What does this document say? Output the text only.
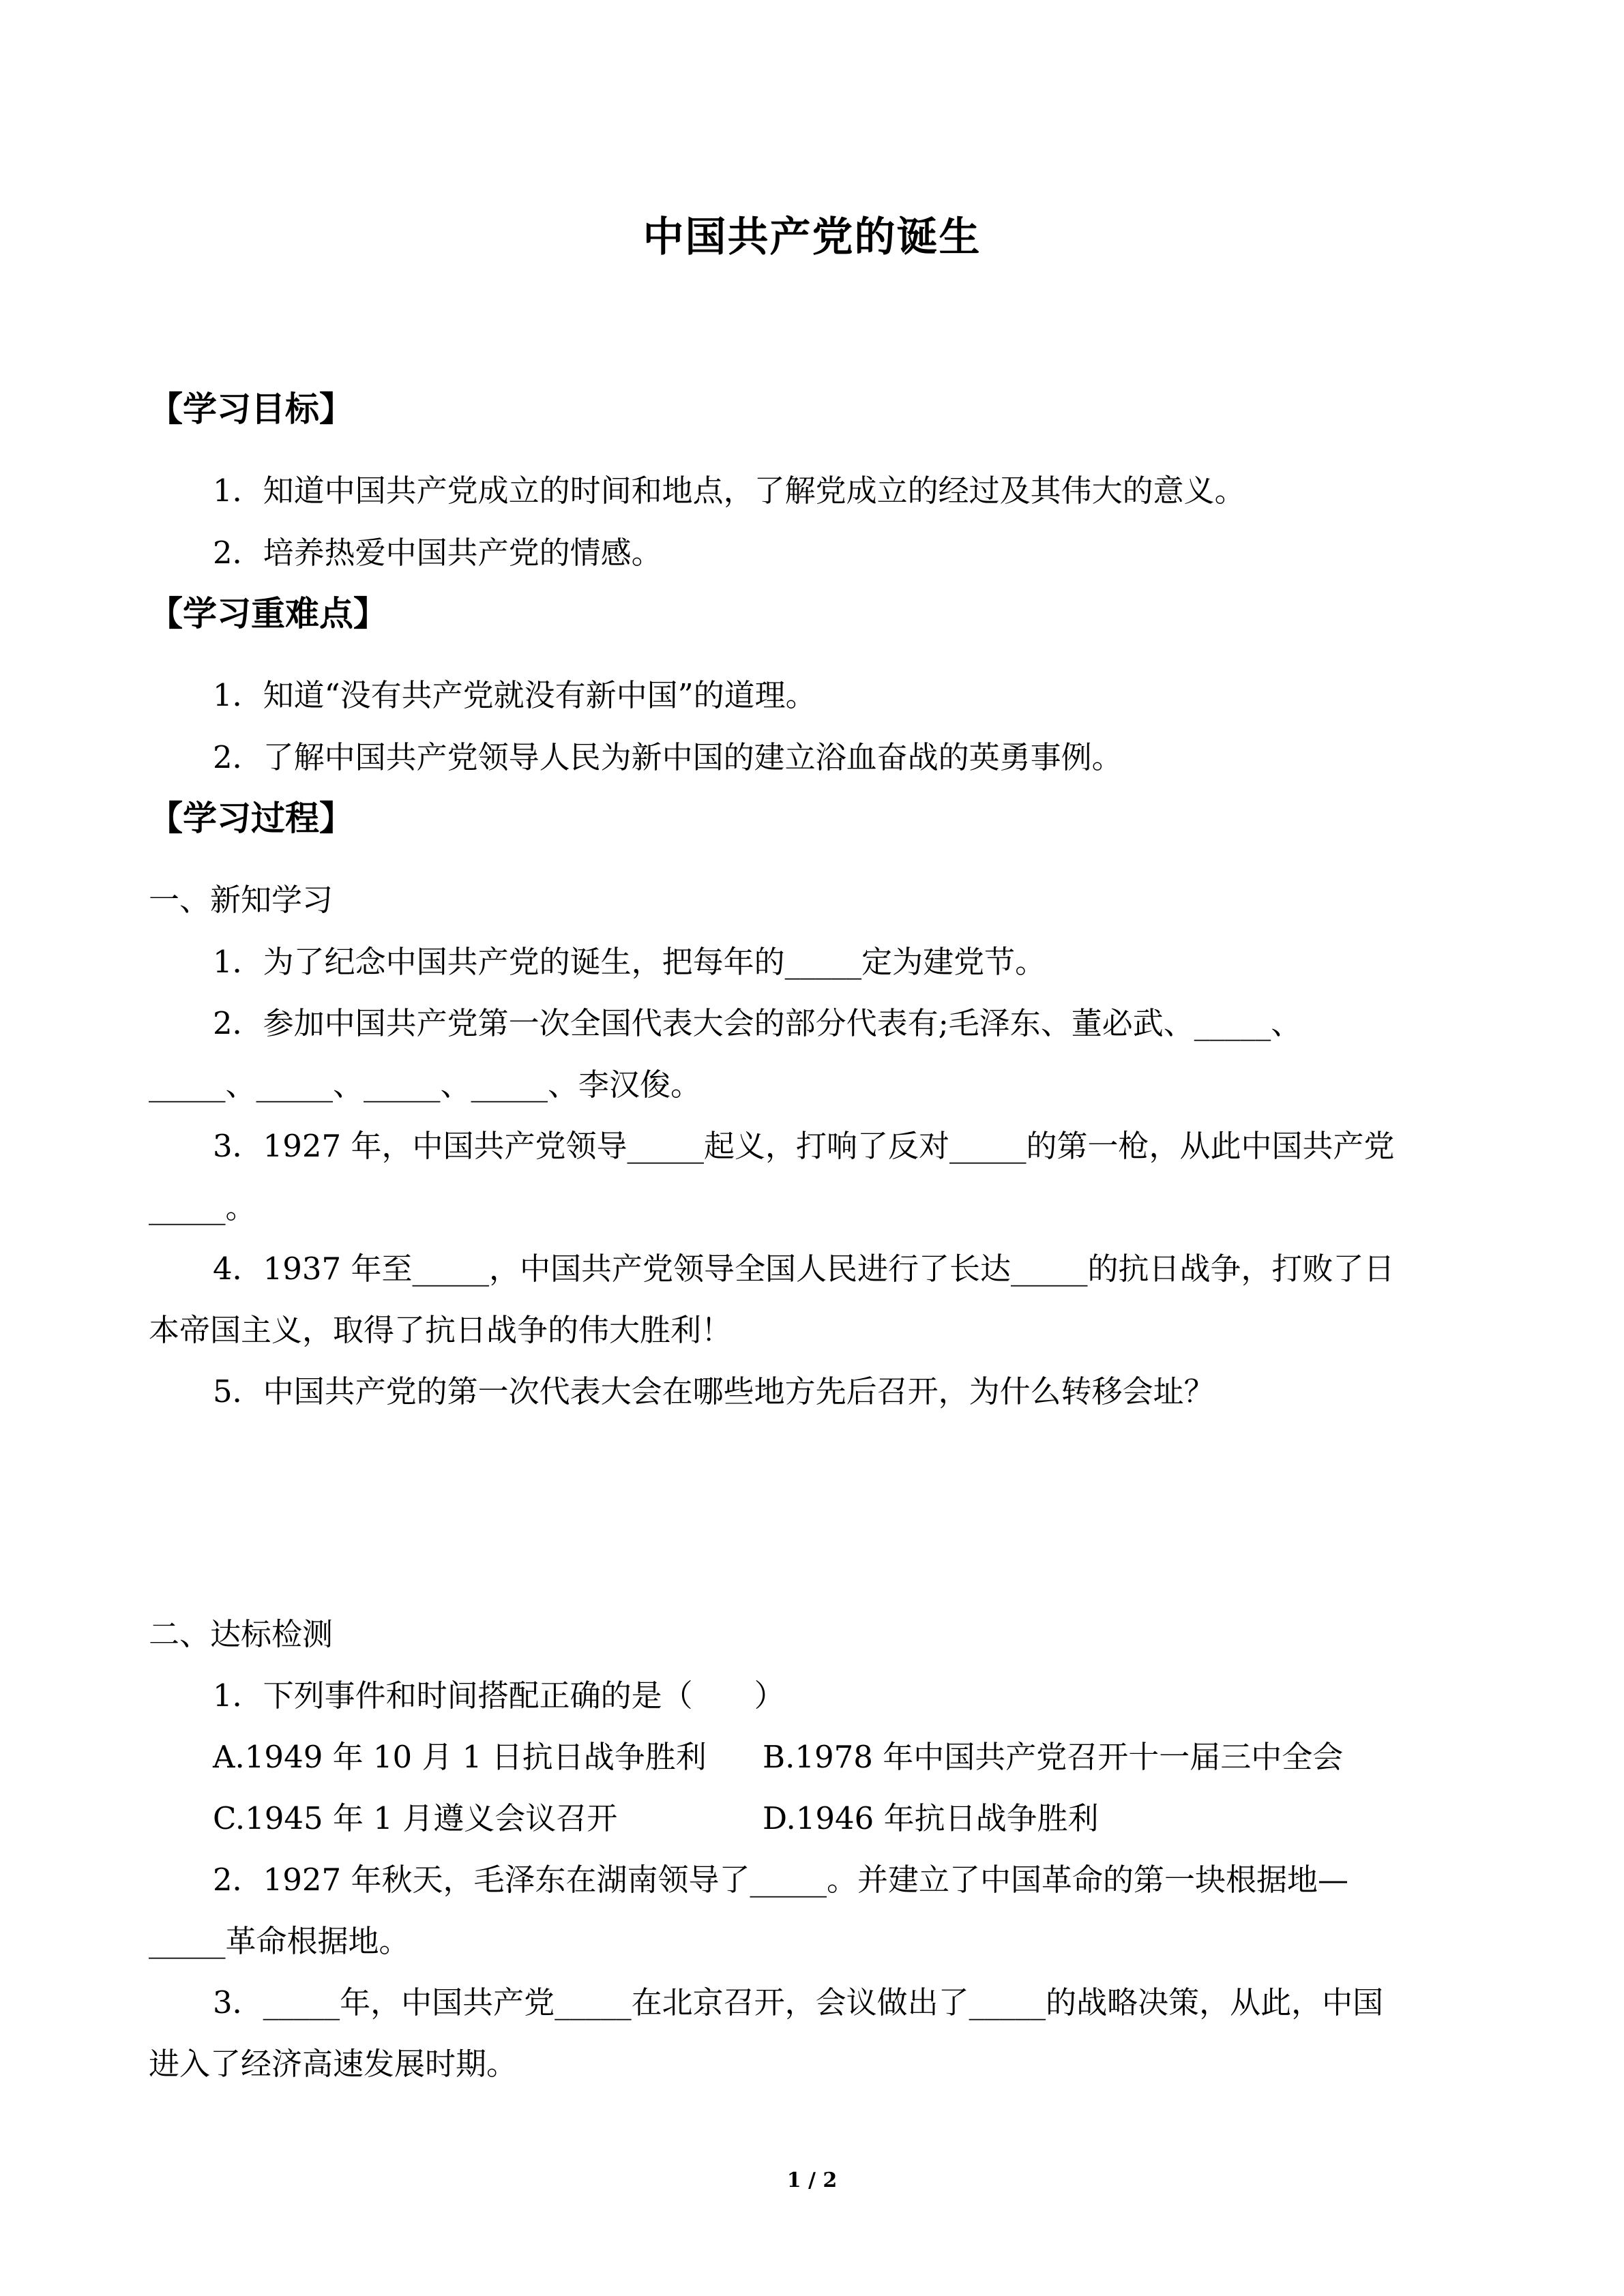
中国共产党的诞生
【学习目标】
1．知道中国共产党成立的时间和地点，了解党成立的经过及其伟大的意义。
2．培养热爱中国共产党的情感。
【学习重难点】
1．知道“没有共产党就没有新中国”的道理。
2．了解中国共产党领导人民为新中国的建立浴血奋战的英勇事例。
【学习过程】
一、新知学习
1．为了纪念中国共产党的诞生，把每年的_____定为建党节。
2．参加中国共产党第一次全国代表大会的部分代表有;毛泽东、董必武、_____、
_____、_____、_____、_____、李汉俊。
3．1927 年，中国共产党领导_____起义，打响了反对_____的第一枪，从此中国共产党
_____。
4．1937 年至_____，中国共产党领导全国人民进行了长达_____的抗日战争，打败了日
本帝国主义，取得了抗日战争的伟大胜利！
5．中国共产党的第一次代表大会在哪些地方先后召开，为什么转移会址？
二、达标检测
1．下列事件和时间搭配正确的是（　　）
A.1949 年 10 月 1 日抗日战争胜利 B.1978 年中国共产党召开十一届三中全会
C.1945 年 1 月遵义会议召开	D.1946 年抗日战争胜利
2．1927 年秋天，毛泽东在湖南领导了_____。并建立了中国革命的第一块根据地—
_____革命根据地。
3．_____年，中国共产党_____在北京召开，会议做出了_____的战略决策，从此，中国
进入了经济高速发展时期。
1 / 2
